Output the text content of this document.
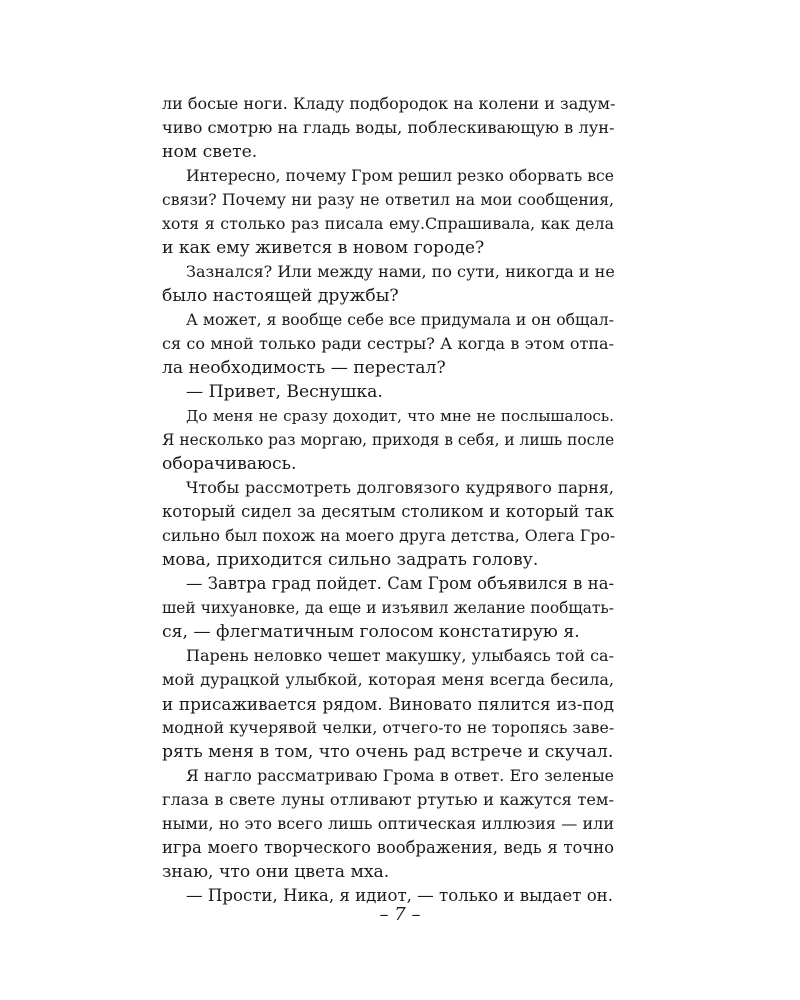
ли босые ноги. Кладу подбородок на колени и задум-
чиво смотрю на гладь воды, поблескивающую в лун-
ном свете.
Интересно, почему Гром решил резко оборвать все
связи? Почему ни разу не ответил на мои сообщения,
хотя я столько раз писала ему.Спрашивала, как дела
и как ему живется в новом городе?
Зазнался? Или между нами, по сути, никогда и не
было настоящей дружбы?
А может, я вообще себе все придумала и он общал-
ся со мной только ради сестры? А когда в этом отпа-
ла необходимость — перестал?
— Привет, Веснушка.
До меня не сразу доходит, что мне не послышалось.
Я несколько раз моргаю, приходя в себя, и лишь после
оборачиваюсь.
Чтобы рассмотреть долговязого кудрявого парня,
который сидел за десятым столиком и который так
сильно был похож на моего друга детства, Олега Гро-
мова, приходится сильно задрать голову.
— Завтра град пойдет. Сам Гром объявился в на-
шей чихуановке, да еще и изъявил желание пообщать-
ся, — флегматичным голосом констатирую я.
Парень неловко чешет макушку, улыбаясь той са-
мой дурацкой улыбкой, которая меня всегда бесила,
и присаживается рядом. Виновато пялится из-под
модной кучерявой челки, отчего-то не торопясь заве-
рять меня в том, что очень рад встрече и скучал.
Я нагло рассматриваю Грома в ответ. Его зеленые
глаза в свете луны отливают ртутью и кажутся тем-
ными, но это всего лишь оптическая иллюзия — или
игра моего творческого воображения, ведь я точно
знаю, что они цвета мха.
— Прости, Ника, я идиот, — только и выдает он.
– 7 –
